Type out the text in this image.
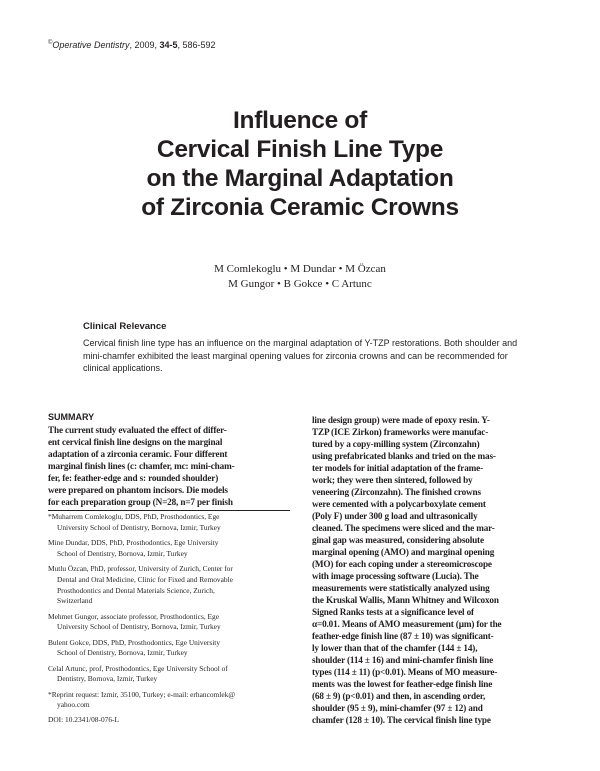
©Operative Dentistry, 2009, 34-5, 586-592
Influence of
Cervical Finish Line Type
on the Marginal Adaptation
of Zirconia Ceramic Crowns
M Comlekoglu • M Dundar • M Özcan
M Gungor • B Gokce • C Artunc
Clinical Relevance
Cervical finish line type has an influence on the marginal adaptation of Y-TZP restorations. Both shoulder and mini-chamfer exhibited the least marginal opening values for zirconia crowns and can be recommended for clinical applications.
SUMMARY
The current study evaluated the effect of differ-
ent cervical finish line designs on the marginal
adaptation of a zirconia ceramic. Four different
marginal finish lines (c: chamfer, mc: mini-cham-
fer, fe: feather-edge and s: rounded shoulder)
were prepared on phantom incisors. Die models
for each preparation group (N=28, n=7 per finish
*Muharrem Comlekoglu, DDS, PhD, Prosthodontics, Ege
University School of Dentistry, Bornova, Izmir, Turkey
Mine Dundar, DDS, PhD, Prosthodontics, Ege University
School of Dentistry, Bornova, Izmir, Turkey
Mutlu Özcan, PhD, professor, University of Zurich, Center for
Dental and Oral Medicine, Clinic for Fixed and Removable
Prosthodontics and Dental Materials Science, Zurich,
Switzerland
Mehmet Gungor, associate professor, Prosthodontics, Ege
University School of Dentistry, Bornova, Izmir, Turkey
Bulent Gokce, DDS, PhD, Prosthodontics, Ege University
School of Dentistry, Bornova, Izmir, Turkey
Celal Artunc, prof, Prosthodontics, Ege University School of
Dentistry, Bornova, Izmir, Turkey
*Reprint request: Izmir, 35100, Turkey; e-mail: erhancomlek@
yahoo.com
DOI: 10.2341/08-076-L
line design group) were made of epoxy resin. Y-
TZP (ICE Zirkon) frameworks were manufac-
tured by a copy-milling system (Zirconzahn)
using prefabricated blanks and tried on the mas-
ter models for initial adaptation of the frame-
work; they were then sintered, followed by
veneering (Zirconzahn). The finished crowns
were cemented with a polycarboxylate cement
(Poly F) under 300 g load and ultrasonically
cleaned. The specimens were sliced and the mar-
ginal gap was measured, considering absolute
marginal opening (AMO) and marginal opening
(MO) for each coping under a stereomicroscope
with image processing software (Lucia). The
measurements were statistically analyzed using
the Kruskal Wallis, Mann Whitney and Wilcoxon
Signed Ranks tests at a significance level of
α=0.01. Means of AMO measurement (µm) for the
feather-edge finish line (87 ± 10) was significant-
ly lower than that of the chamfer (144 ± 14),
shoulder (114 ± 16) and mini-chamfer finish line
types (114 ± 11) (p<0.01). Means of MO measure-
ments was the lowest for feather-edge finish line
(68 ± 9) (p<0.01) and then, in ascending order,
shoulder (95 ± 9), mini-chamfer (97 ± 12) and
chamfer (128 ± 10). The cervical finish line type
